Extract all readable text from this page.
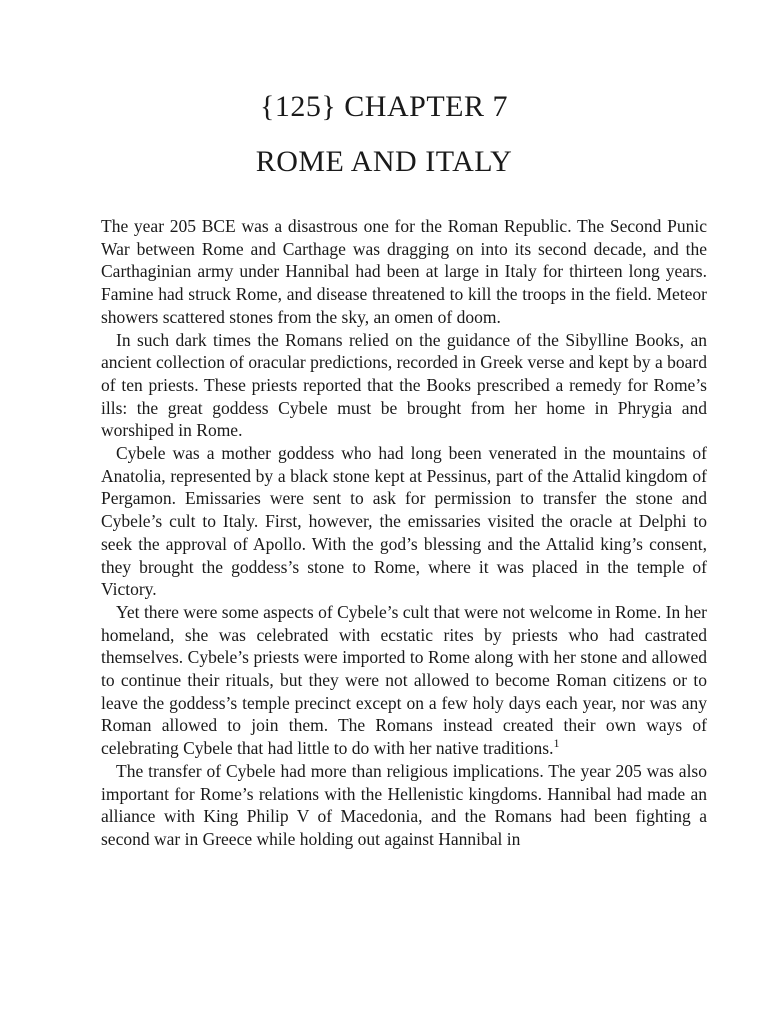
{125} CHAPTER 7
ROME AND ITALY

The year 205 BCE was a disastrous one for the Roman Republic. The Second Punic War between Rome and Carthage was dragging on into its second decade, and the Carthaginian army under Hannibal had been at large in Italy for thirteen long years. Famine had struck Rome, and disease threatened to kill the troops in the field. Meteor showers scattered stones from the sky, an omen of doom.

In such dark times the Romans relied on the guidance of the Sibylline Books, an ancient collection of oracular predictions, recorded in Greek verse and kept by a board of ten priests. These priests reported that the Books prescribed a remedy for Rome’s ills: the great goddess Cybele must be brought from her home in Phrygia and worshiped in Rome.

Cybele was a mother goddess who had long been venerated in the mountains of Anatolia, represented by a black stone kept at Pessinus, part of the Attalid kingdom of Pergamon. Emissaries were sent to ask for permission to transfer the stone and Cybele’s cult to Italy. First, however, the emissaries visited the oracle at Delphi to seek the approval of Apollo. With the god’s blessing and the Attalid king’s consent, they brought the goddess’s stone to Rome, where it was placed in the temple of Victory.

Yet there were some aspects of Cybele’s cult that were not welcome in Rome. In her homeland, she was celebrated with ecstatic rites by priests who had castrated themselves. Cybele’s priests were imported to Rome along with her stone and allowed to continue their rituals, but they were not allowed to become Roman citizens or to leave the goddess’s temple precinct except on a few holy days each year, nor was any Roman allowed to join them. The Romans instead created their own ways of celebrating Cybele that had little to do with her native traditions.$^1$

The transfer of Cybele had more than religious implications. The year 205 was also important for Rome’s relations with the Hellenistic kingdoms. Hannibal had made an alliance with King Philip V of Macedonia, and the Romans had been fighting a second war in Greece while holding out against Hannibal in
